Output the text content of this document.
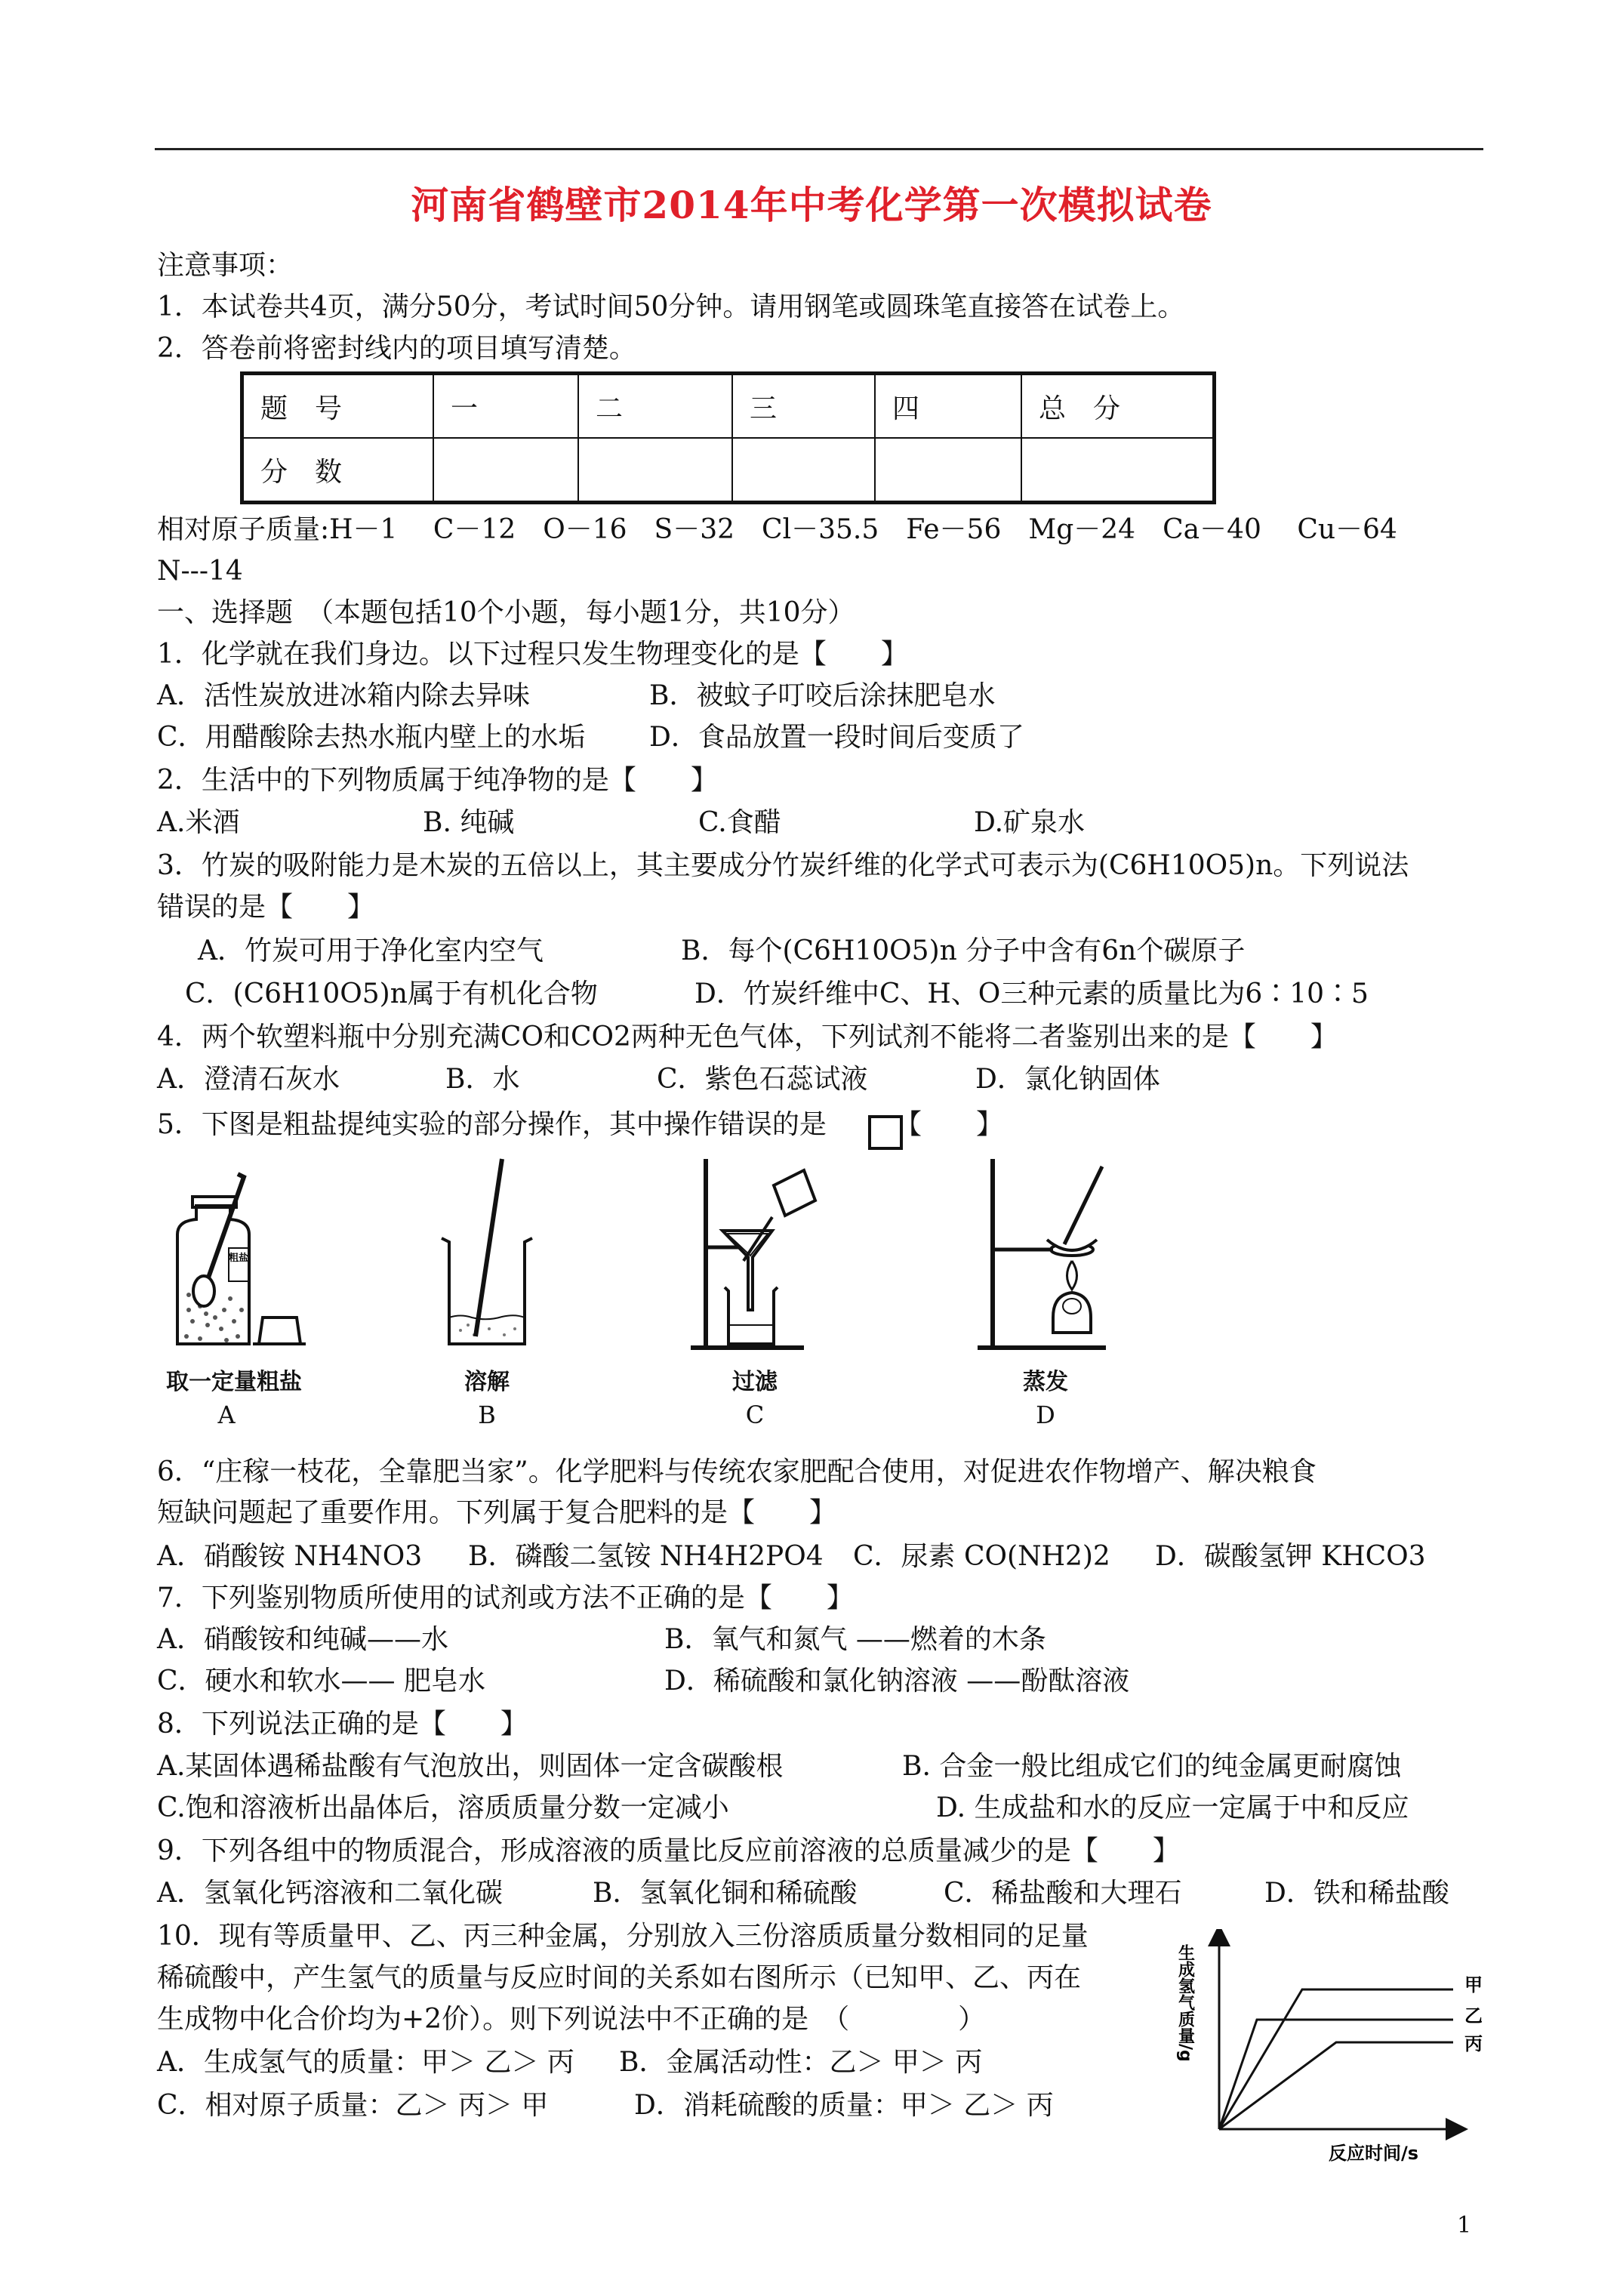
河南省鹤壁市2014年中考化学第一次模拟试卷
注意事项：
1．本试卷共4页，满分50分，考试时间50分钟。请用钢笔或圆珠笔直接答在试卷上。
2．答卷前将密封线内的项目填写清楚。
题　号	一	二	三	四	总　分
分　数					
相对原子质量:H－1　 C－12　O－16　S－32　Cl－35.5　Fe－56　Mg－24　Ca－40　 Cu－64
N---14
一、选择题　（本题包括10个小题，每小题1分，共10分）
1．化学就在我们身边。以下过程只发生物理变化的是【　　】
A．活性炭放进冰箱内除去异味	B．被蚊子叮咬后涂抹肥皂水
C．用醋酸除去热水瓶内壁上的水垢 D．食品放置一段时间后变质了
2．生活中的下列物质属于纯净物的是【　　】
A.米酒	B. 纯碱	C.食醋	D.矿泉水
3．竹炭的吸附能力是木炭的五倍以上，其主要成分竹炭纤维的化学式可表示为(C6H10O5)n。下列说法
错误的是【　　】
A．竹炭可用于净化室内空气	B．每个(C6H10O5)n 分子中含有6n个碳原子
C．(C6H10O5)n属于有机化合物	D．竹炭纤维中C、H、O三种元素的质量比为6∶10∶5
4．两个软塑料瓶中分别充满CO和CO2两种无色气体，下列试剂不能将二者鉴别出来的是【　　】
A．澄清石灰水	B．水	C．紫色石蕊试液	D．氯化钠固体
5．下图是粗盐提纯实验的部分操作，其中操作错误的是	【　　】
粗盐
取一定量粗盐
A
溶解
B
过滤
C
蒸发
D
6．“庄稼一枝花，全靠肥当家”。化学肥料与传统农家肥配合使用，对促进农作物增产、解决粮食
短缺问题起了重要作用。下列属于复合肥料的是【　　】
A．硝酸铵 NH4NO3 B．磷酸二氢铵 NH4H2PO4 C．尿素 CO(NH2)2 D．碳酸氢钾 KHCO3
7．下列鉴别物质所使用的试剂或方法不正确的是【　　】
A．硝酸铵和纯碱——水	B．氧气和氮气 ——燃着的木条
C．硬水和软水—— 肥皂水	D．稀硫酸和氯化钠溶液 ——酚酞溶液
8．下列说法正确的是【　　】
A.某固体遇稀盐酸有气泡放出，则固体一定含碳酸根	B. 合金一般比组成它们的纯金属更耐腐蚀
C.饱和溶液析出晶体后，溶质质量分数一定减小	D. 生成盐和水的反应一定属于中和反应
9．下列各组中的物质混合，形成溶液的质量比反应前溶液的总质量减少的是【　　】
A．氢氧化钙溶液和二氧化碳	B．氢氧化铜和稀硫酸	C．稀盐酸和大理石	D．铁和稀盐酸
10．现有等质量甲、乙、丙三种金属，分别放入三份溶质质量分数相同的足量
稀硫酸中，产生氢气的质量与反应时间的关系如右图所示（已知甲、乙、丙在
生成物中化合价均为+2价）。则下列说法中不正确的是　（　　　　）
A．生成氢气的质量：甲＞ 乙＞ 丙 B．金属活动性：乙＞ 甲＞ 丙
C．相对原子质量：乙＞ 丙＞ 甲	D．消耗硫酸的质量：甲＞ 乙＞ 丙
甲
乙
丙
生成氢气质量/g
反应时间/s
1
